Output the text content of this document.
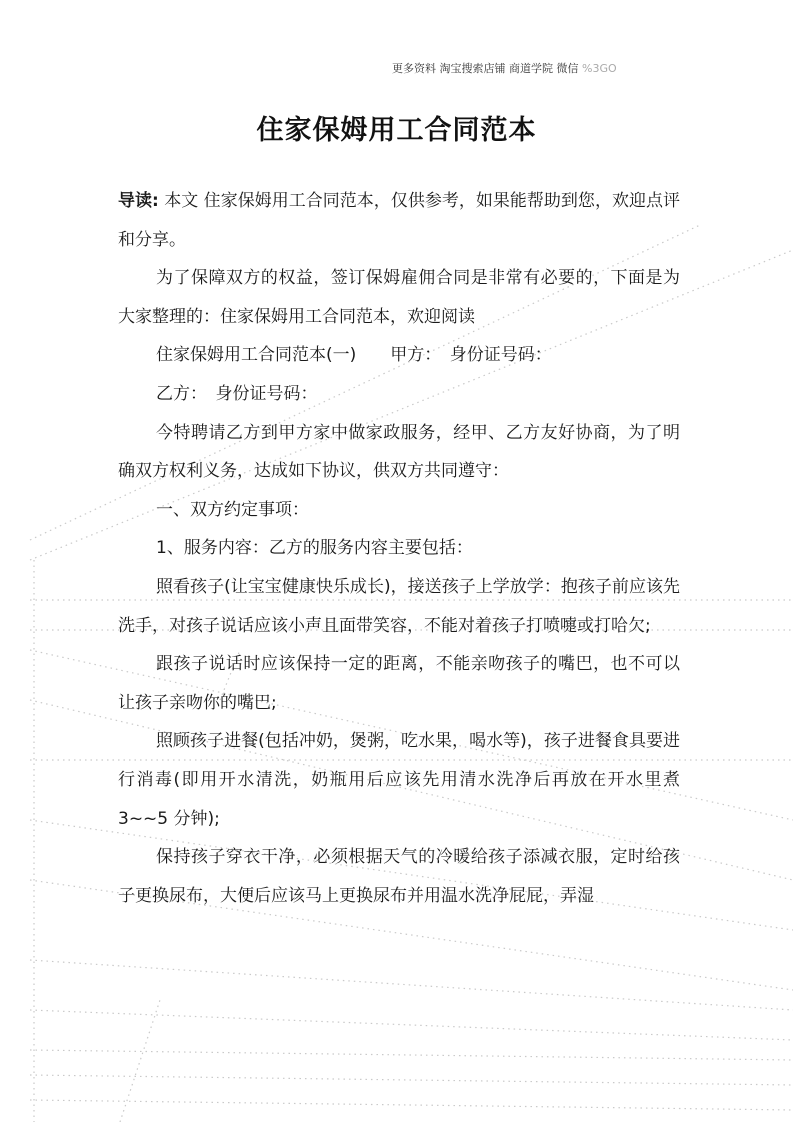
更多资料 淘宝搜索店铺 商道学院 微信 %3GO
住家保姆用工合同范本

导读: 本文 住家保姆用工合同范本，仅供参考，如果能帮助到您，欢迎点评和分享。

为了保障双方的权益，签订保姆雇佣合同是非常有必要的，下面是为大家整理的：住家保姆用工合同范本，欢迎阅读

住家保姆用工合同范本(一)　　甲方：　身份证号码：

乙方：　身份证号码：

今特聘请乙方到甲方家中做家政服务，经甲、乙方友好协商，为了明确双方权利义务，达成如下协议，供双方共同遵守：

一、双方约定事项：

1、服务内容：乙方的服务内容主要包括：

照看孩子(让宝宝健康快乐成长)，接送孩子上学放学：抱孩子前应该先洗手，对孩子说话应该小声且面带笑容，不能对着孩子打喷嚏或打哈欠;

跟孩子说话时应该保持一定的距离，不能亲吻孩子的嘴巴，也不可以让孩子亲吻你的嘴巴;

照顾孩子进餐(包括冲奶，煲粥，吃水果，喝水等)，孩子进餐食具要进行消毒(即用开水清洗，奶瓶用后应该先用清水洗净后再放在开水里煮 3~~5 分钟);

保持孩子穿衣干净，必须根据天气的冷暖给孩子添减衣服，定时给孩子更换尿布，大便后应该马上更换尿布并用温水洗净屁屁，弄湿
